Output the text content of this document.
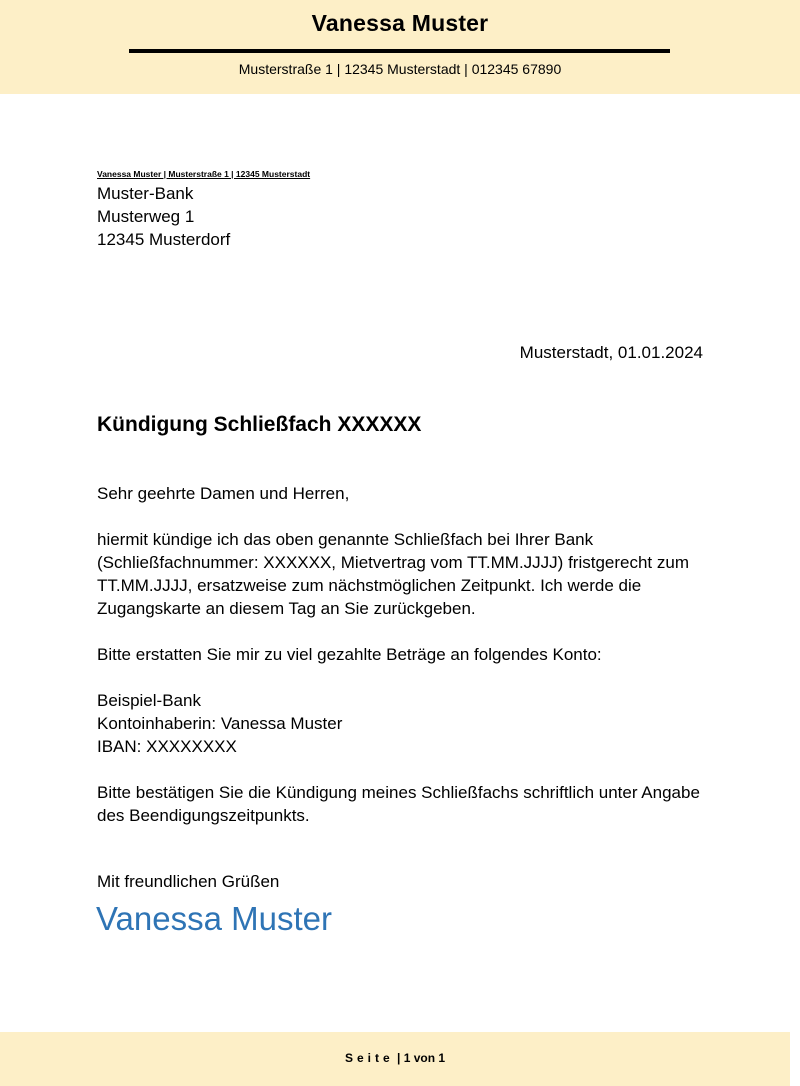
Vanessa Muster
Musterstraße 1 | 12345 Musterstadt | 012345 67890
Vanessa Muster | Musterstraße 1 | 12345 Musterstadt
Muster-Bank
Musterweg 1
12345 Musterdorf
Musterstadt, 01.01.2024
Kündigung Schließfach XXXXXX

Sehr geehrte Damen und Herren,

hiermit kündige ich das oben genannte Schließfach bei Ihrer Bank
(Schließfachnummer: XXXXXX, Mietvertrag vom TT.MM.JJJJ) fristgerecht zum
TT.MM.JJJJ, ersatzweise zum nächstmöglichen Zeitpunkt. Ich werde die
Zugangskarte an diesem Tag an Sie zurückgeben.

Bitte erstatten Sie mir zu viel gezahlte Beträge an folgendes Konto:

Beispiel-Bank
Kontoinhaberin: Vanessa Muster
IBAN: XXXXXXXX

Bitte bestätigen Sie die Kündigung meines Schließfachs schriftlich unter Angabe
des Beendigungszeitpunkts.

Mit freundlichen Grüßen
Vanessa Muster
Seite | 1 von 1
